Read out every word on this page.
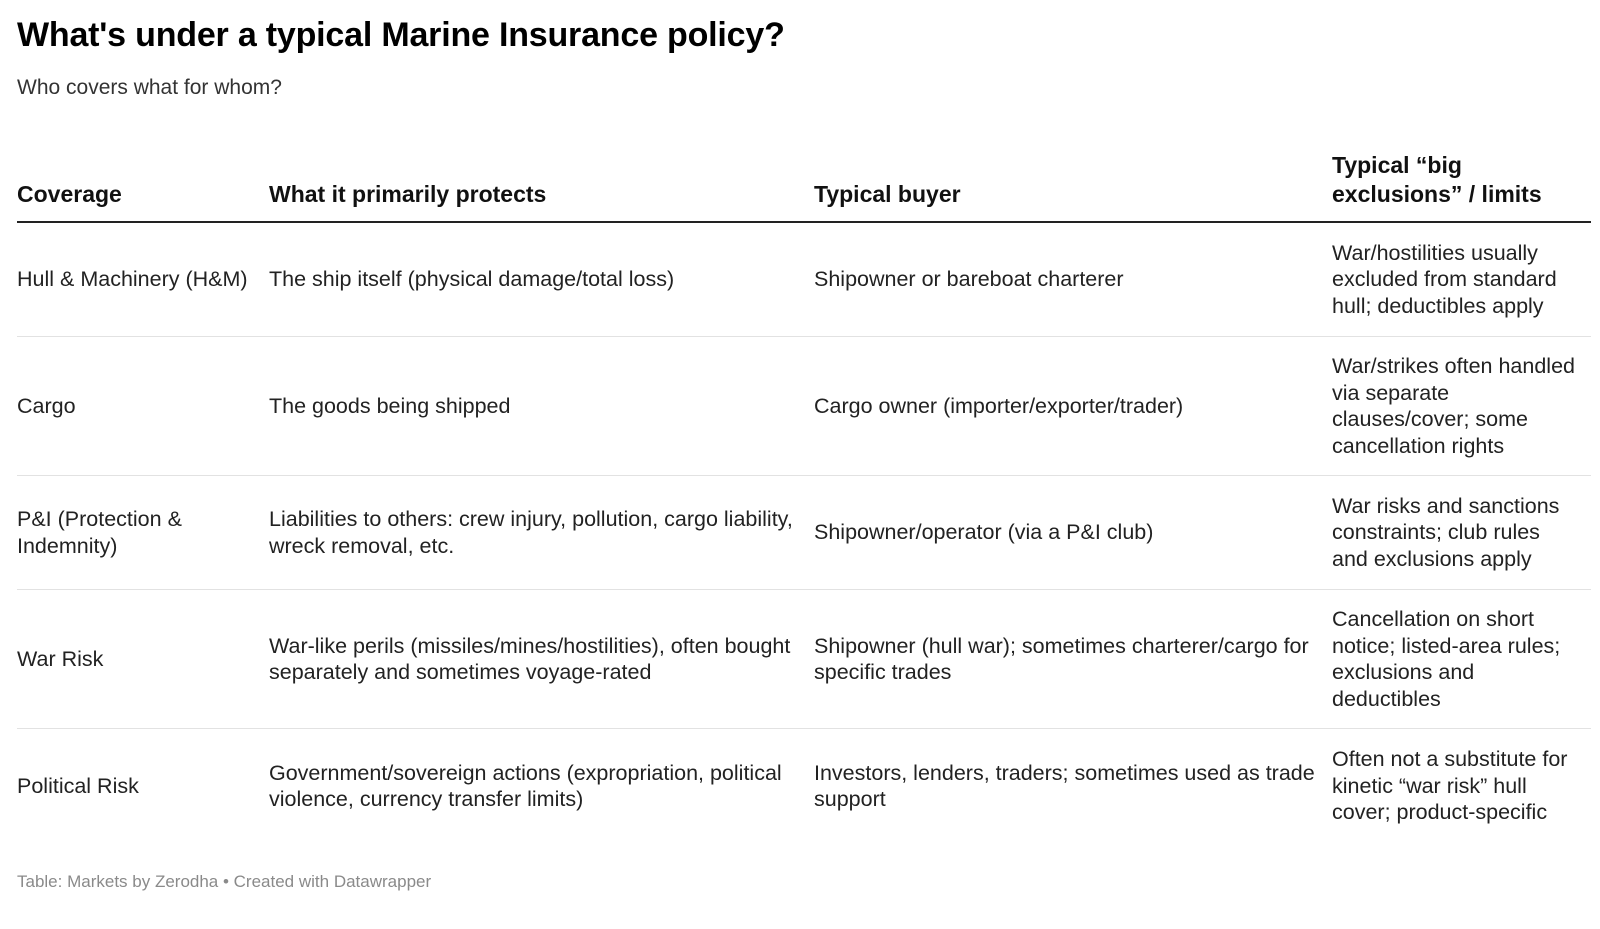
What's under a typical Marine Insurance policy?
Who covers what for whom?
Coverage	What it primarily protects	Typical buyer	Typical “big exclusions” / limits
Hull & Machinery (H&M)	The ship itself (physical damage/total loss)	Shipowner or bareboat charterer	War/hostilities usually excluded from standard hull; deductibles apply
Cargo	The goods being shipped	Cargo owner (importer/exporter/trader)	War/strikes often handled via separate clauses/cover; some cancellation rights
P&I (Protection & Indemnity)	Liabilities to others: crew injury, pollution, cargo liability, wreck removal, etc.	Shipowner/operator (via a P&I club)	War risks and sanctions constraints; club rules and exclusions apply
War Risk	War-like perils (missiles/mines/hostilities), often bought separately and sometimes voyage-rated	Shipowner (hull war); sometimes charterer/cargo for specific trades	Cancellation on short notice; listed-area rules; exclusions and deductibles
Political Risk	Government/sovereign actions (expropriation, political violence, currency transfer limits)	Investors, lenders, traders; sometimes used as trade support	Often not a substitute for kinetic “war risk” hull cover; product-specific
Table: Markets by Zerodha • Created with Datawrapper
